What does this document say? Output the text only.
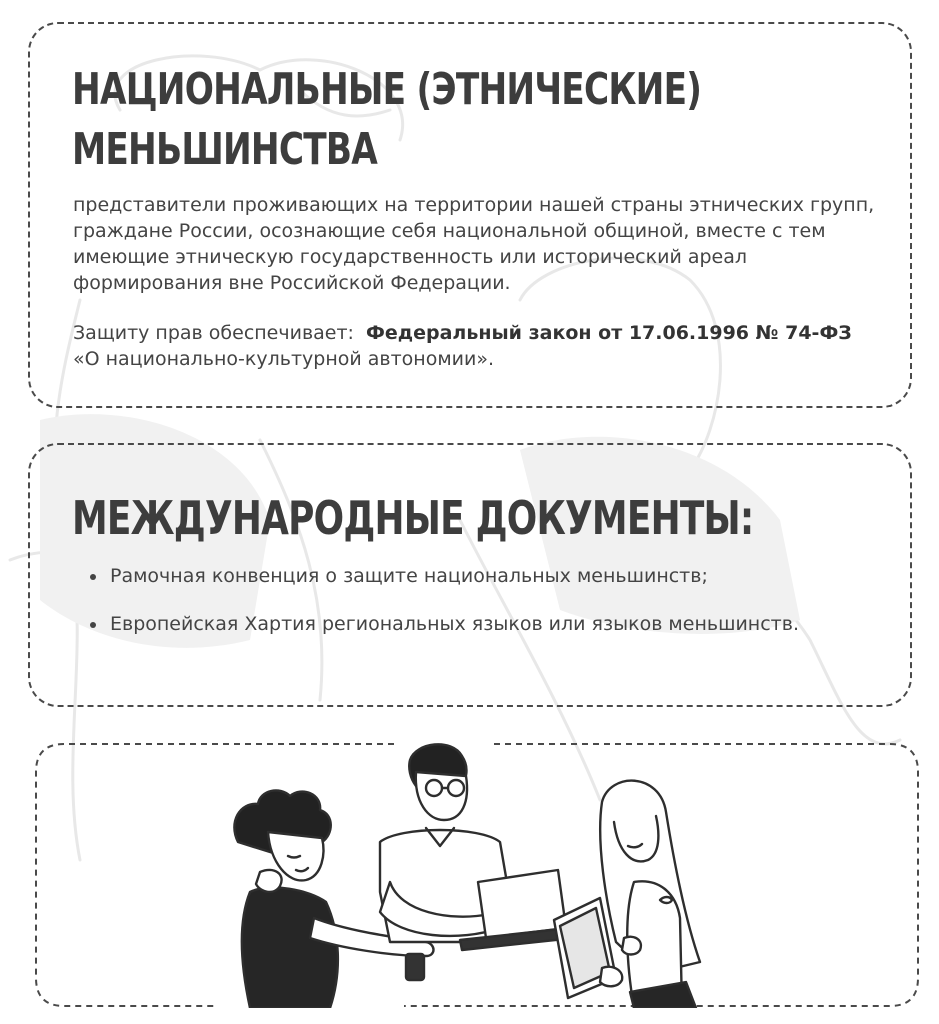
НАЦИОНАЛЬНЫЕ (ЭТНИЧЕСКИЕ)
МЕНЬШИНСТВА

представители проживающих на территории нашей страны этнических групп, граждане России, осознающие себя национальной общиной, вместе с тем имеющие этническую государственность или исторический ареал формирования вне Российской Федерации.

Защиту прав обеспечивает: Федеральный закон от 17.06.1996 № 74-ФЗ «О национально-культурной автономии».

МЕЖДУНАРОДНЫЕ ДОКУМЕНТЫ:
Рамочная конвенция о защите национальных меньшинств;
Европейская Хартия региональных языков или языков меньшинств.
